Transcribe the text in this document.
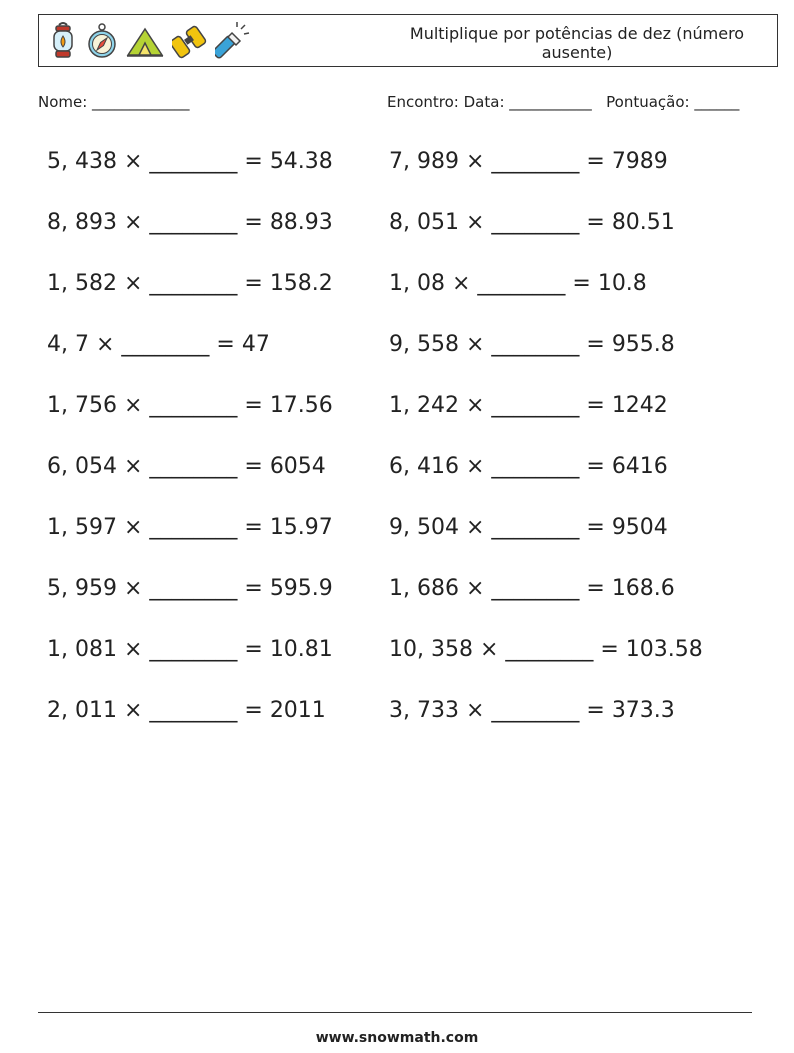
Multiplique por potências de dez (número ausente)
Nome: _____________	Encontro: Data: ___________ Pontuação: ______
5, 438 × ________ = 54.38
8, 893 × ________ = 88.93
1, 582 × ________ = 158.2
4, 7 × ________ = 47
1, 756 × ________ = 17.56
6, 054 × ________ = 6054
1, 597 × ________ = 15.97
5, 959 × ________ = 595.9
1, 081 × ________ = 10.81
2, 011 × ________ = 2011
7, 989 × ________ = 7989
8, 051 × ________ = 80.51
1, 08 × ________ = 10.8
9, 558 × ________ = 955.8
1, 242 × ________ = 1242
6, 416 × ________ = 6416
9, 504 × ________ = 9504
1, 686 × ________ = 168.6
10, 358 × ________ = 103.58
3, 733 × ________ = 373.3
www.snowmath.com
